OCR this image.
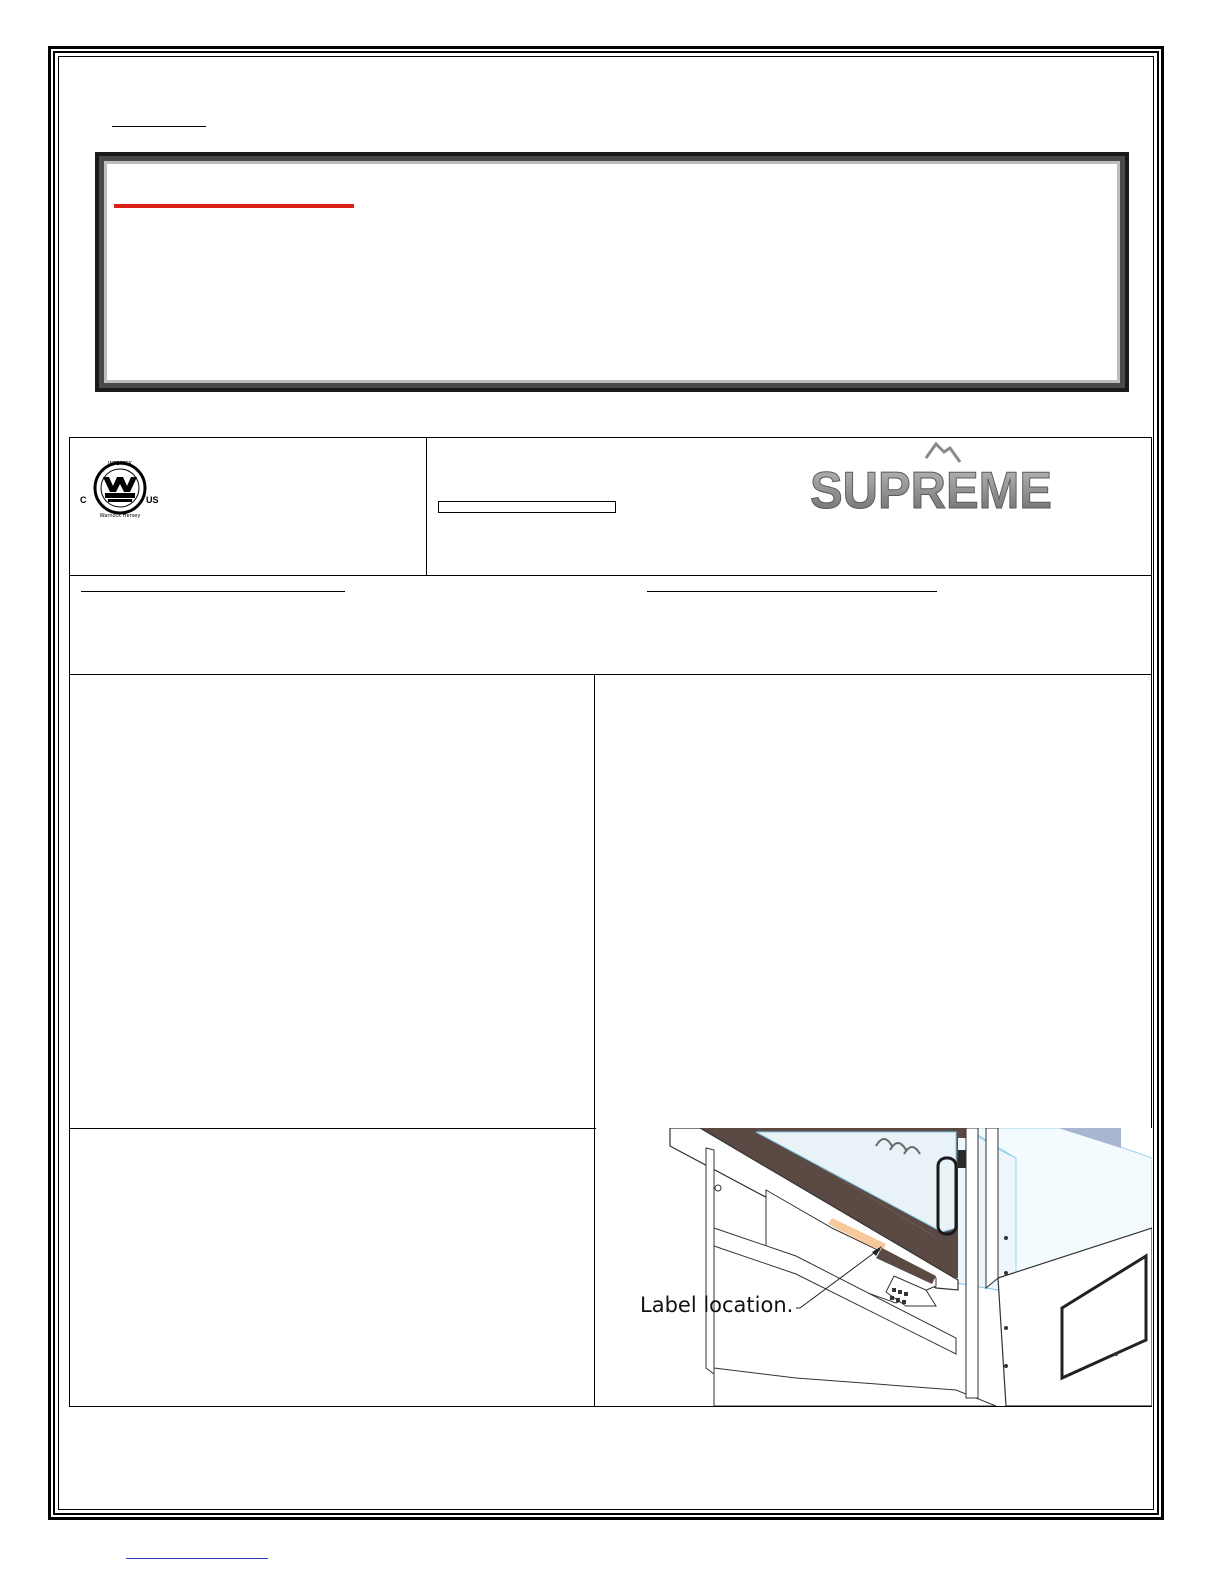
INTERTEK
Warnock Hersey
C	US	SUPREME
Label location.
